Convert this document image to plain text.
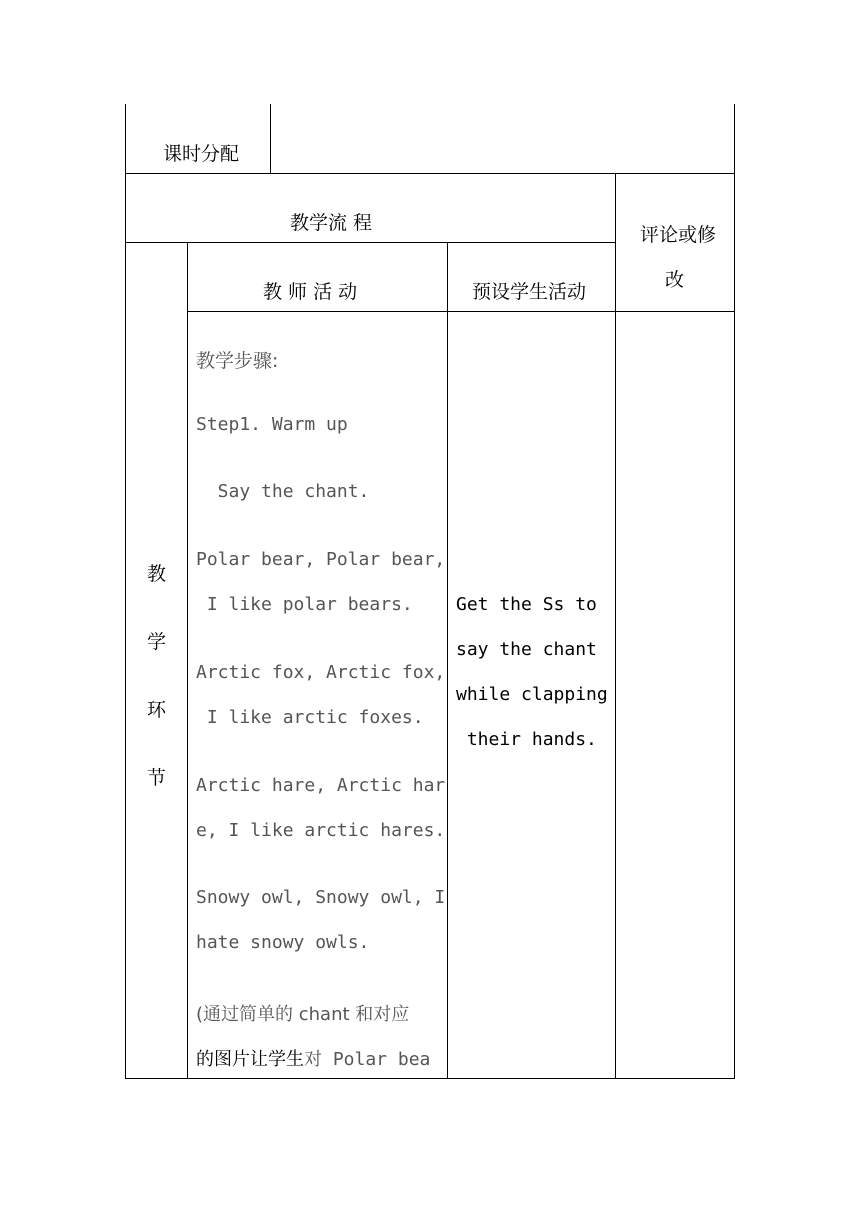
课时分配
教学流 程
评论或修
改
教 师 活 动	预设学生活动
教
学
环
节
教学步骤:
Step1. Warm up
Say the chant.
Polar bear, Polar bear,
I like polar bears.
Arctic fox, Arctic fox,
I like arctic foxes.
Arctic hare, Arctic har
e, I like arctic hares.
Snowy owl, Snowy owl, I
hate snowy owls.
(通过简单的 chant 和对应
的图片让学生对 Polar bea
Get the Ss to
say the chant
while clapping
their hands.
